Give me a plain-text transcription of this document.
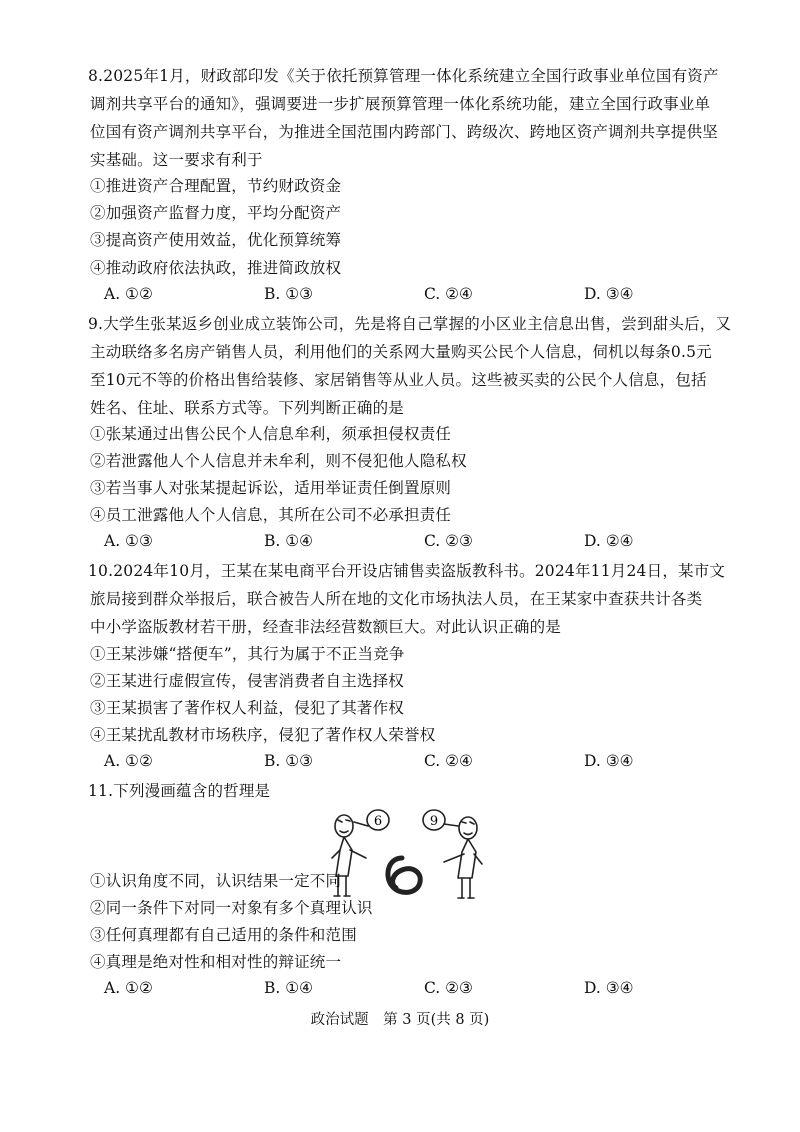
8.2025年1月，财政部印发《关于依托预算管理一体化系统建立全国行政事业单位国有资产
调剂共享平台的通知》，强调要进一步扩展预算管理一体化系统功能，建立全国行政事业单
位国有资产调剂共享平台，为推进全国范围内跨部门、跨级次、跨地区资产调剂共享提供坚
实基础。这一要求有利于
①推进资产合理配置，节约财政资金
②加强资产监督力度，平均分配资产
③提高资产使用效益，优化预算统筹
④推动政府依法执政，推进简政放权
A. ①②	B. ①③	C. ②④	D. ③④
9.大学生张某返乡创业成立装饰公司，先是将自己掌握的小区业主信息出售，尝到甜头后，又
主动联络多名房产销售人员，利用他们的关系网大量购买公民个人信息，伺机以每条0.5元
至10元不等的价格出售给装修、家居销售等从业人员。这些被买卖的公民个人信息，包括
姓名、住址、联系方式等。下列判断正确的是
①张某通过出售公民个人信息牟利，须承担侵权责任
②若泄露他人个人信息并未牟利，则不侵犯他人隐私权
③若当事人对张某提起诉讼，适用举证责任倒置原则
④员工泄露他人个人信息，其所在公司不必承担责任
A. ①③	B. ①④	C. ②③	D. ②④
10.2024年10月，王某在某电商平台开设店铺售卖盗版教科书。2024年11月24日，某市文
旅局接到群众举报后，联合被告人所在地的文化市场执法人员，在王某家中查获共计各类
中小学盗版教材若干册，经查非法经营数额巨大。对此认识正确的是
①王某涉嫌“搭便车”，其行为属于不正当竞争
②王某进行虚假宣传，侵害消费者自主选择权
③王某损害了著作权人利益，侵犯了其著作权
④王某扰乱教材市场秩序，侵犯了著作权人荣誉权
A. ①②	B. ①③	C. ②④	D. ③④
11.下列漫画蕴含的哲理是
6	9
①认识角度不同，认识结果一定不同
②同一条件下对同一对象有多个真理认识
③任何真理都有自己适用的条件和范围
④真理是绝对性和相对性的辩证统一
A. ①②	B. ①④	C. ②③	D. ③④
政治试题　第 3 页(共 8 页)
